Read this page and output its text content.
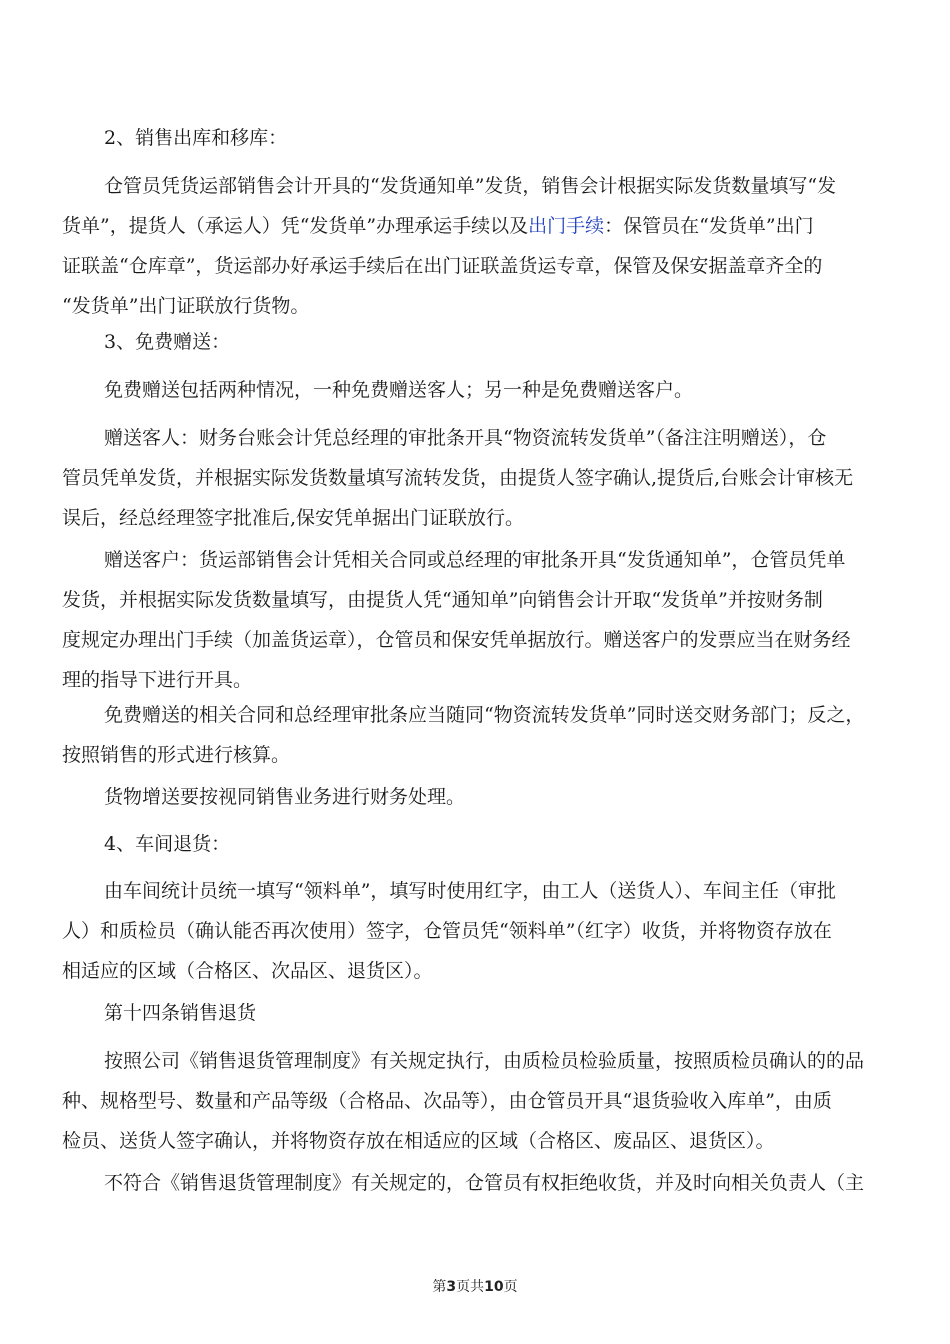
2、销售出库和移库：
仓管员凭货运部销售会计开具的“发货通知单”发货，销售会计根据实际发货数量填写“发
货单”，提货人（承运人）凭“发货单”办理承运手续以及出门手续：保管员在“发货单”出门
证联盖“仓库章”，货运部办好承运手续后在出门证联盖货运专章，保管及保安据盖章齐全的
“发货单”出门证联放行货物。
3、免费赠送：
免费赠送包括两种情况，一种免费赠送客人；另一种是免费赠送客户。
赠送客人：财务台账会计凭总经理的审批条开具“物资流转发货单”（备注注明赠送），仓
管员凭单发货，并根据实际发货数量填写流转发货，由提货人签字确认,提货后,台账会计审核无
误后，经总经理签字批准后,保安凭单据出门证联放行。
赠送客户：货运部销售会计凭相关合同或总经理的审批条开具“发货通知单”，仓管员凭单
发货，并根据实际发货数量填写，由提货人凭“通知单”向销售会计开取“发货单”并按财务制
度规定办理出门手续（加盖货运章），仓管员和保安凭单据放行。赠送客户的发票应当在财务经
理的指导下进行开具。
免费赠送的相关合同和总经理审批条应当随同“物资流转发货单”同时送交财务部门；反之，
按照销售的形式进行核算。
货物增送要按视同销售业务进行财务处理。
4、车间退货：
由车间统计员统一填写“领料单”，填写时使用红字，由工人（送货人）、车间主任（审批
人）和质检员（确认能否再次使用）签字，仓管员凭“领料单”（红字）收货，并将物资存放在
相适应的区域（合格区、次品区、退货区）。
第十四条销售退货
按照公司《销售退货管理制度》有关规定执行，由质检员检验质量，按照质检员确认的的品
种、规格型号、数量和产品等级（合格品、次品等），由仓管员开具“退货验收入库单”，由质
检员、送货人签字确认，并将物资存放在相适应的区域（合格区、废品区、退货区）。
不符合《销售退货管理制度》有关规定的，仓管员有权拒绝收货，并及时向相关负责人（主
第3页共10页
